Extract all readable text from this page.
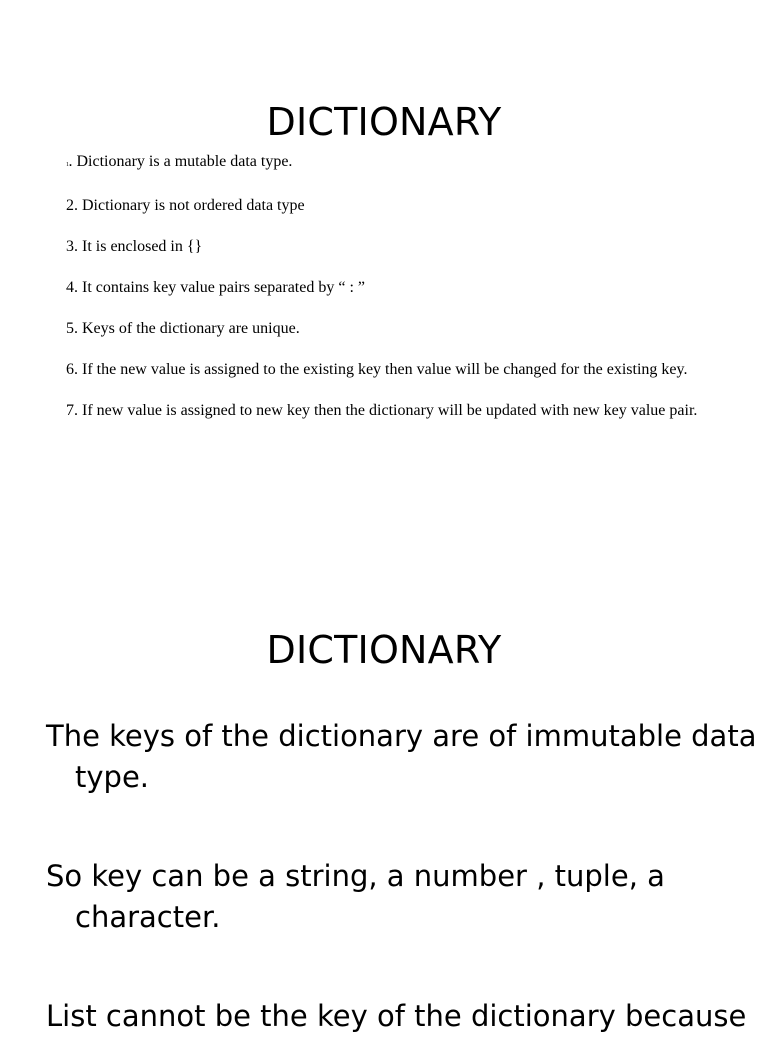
DICTIONARY
1. Dictionary is a mutable data type.
2. Dictionary is not ordered data type
3. It is enclosed in {}
4. It contains key value pairs separated by “ : ”
5. Keys of the dictionary are unique.
6. If the new value is assigned to the existing key then value will be changed for the existing key.
7. If new value is assigned to new key then the dictionary will be updated with new key value pair.
DICTIONARY

The keys of the dictionary are of immutable data type.

So key can be a string, a number , tuple, a character.

List cannot be the key of the dictionary because
